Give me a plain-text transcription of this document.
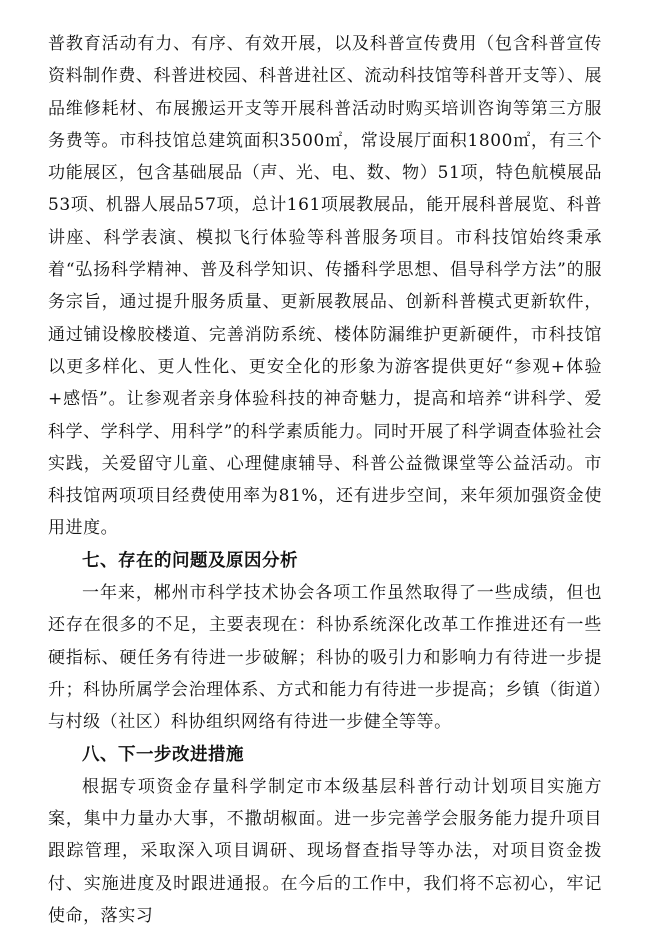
普教育活动有力、有序、有效开展，以及科普宣传费用（包含科普宣传资料制作费、科普进校园、科普进社区、流动科技馆等科普开支等）、展品维修耗材、布展搬运开支等开展科普活动时购买培训咨询等第三方服务费等。市科技馆总建筑面积3500㎡，常设展厅面积1800㎡，有三个功能展区，包含基础展品（声、光、电、数、物）51项，特色航模展品53项、机器人展品57项，总计161项展教展品，能开展科普展览、科普讲座、科学表演、模拟飞行体验等科普服务项目。市科技馆始终秉承着“弘扬科学精神、普及科学知识、传播科学思想、倡导科学方法”的服务宗旨，通过提升服务质量、更新展教展品、创新科普模式更新软件，通过铺设橡胶楼道、完善消防系统、楼体防漏维护更新硬件，市科技馆以更多样化、更人性化、更安全化的形象为游客提供更好“参观+体验+感悟”。让参观者亲身体验科技的神奇魅力，提高和培养“讲科学、爱科学、学科学、用科学”的科学素质能力。同时开展了科学调查体验社会实践，关爱留守儿童、心理健康辅导、科普公益微课堂等公益活动。市科技馆两项项目经费使用率为81%，还有进步空间，来年须加强资金使用进度。

七、存在的问题及原因分析

一年来，郴州市科学技术协会各项工作虽然取得了一些成绩，但也还存在很多的不足，主要表现在：科协系统深化改革工作推进还有一些硬指标、硬任务有待进一步破解；科协的吸引力和影响力有待进一步提升；科协所属学会治理体系、方式和能力有待进一步提高；乡镇（街道）与村级（社区）科协组织网络有待进一步健全等等。

八、下一步改进措施

根据专项资金存量科学制定市本级基层科普行动计划项目实施方案，集中力量办大事，不撒胡椒面。进一步完善学会服务能力提升项目跟踪管理，采取深入项目调研、现场督查指导等办法，对项目资金拨付、实施进度及时跟进通报。在今后的工作中，我们将不忘初心，牢记使命，落实习
